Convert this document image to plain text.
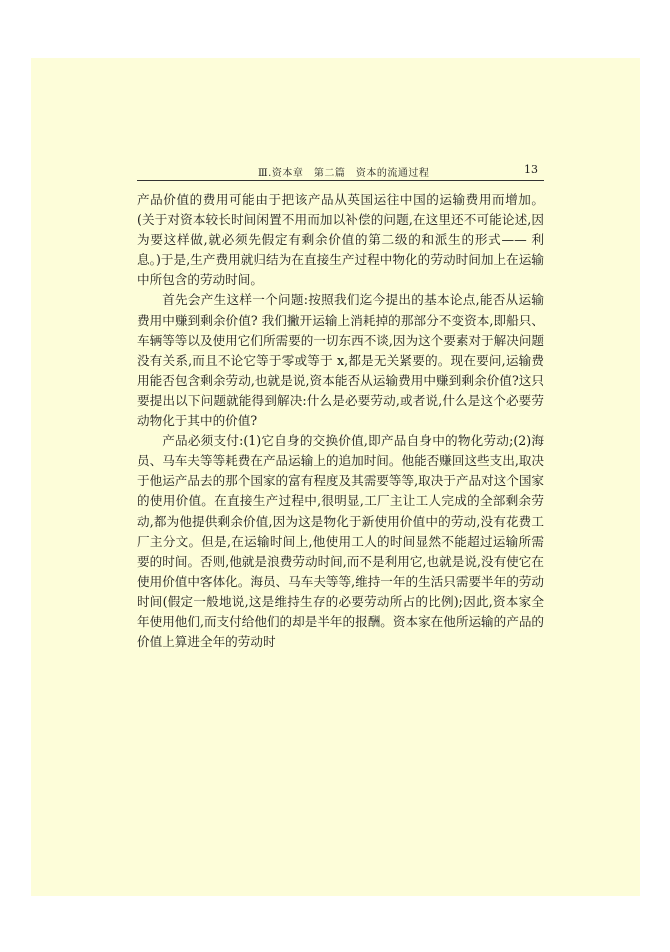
Ⅲ.资本章　第二篇　资本的流通过程	13

产品价值的费用可能由于把该产品从英国运往中国的运输费用而增加。(关于对资本较长时间闲置不用而加以补偿的问题,在这里还不可能论述,因为要这样做,就必须先假定有剩余价值的第二级的和派生的形式—— 利息。)于是,生产费用就归结为在直接生产过程中物化的劳动时间加上在运输中所包含的劳动时间。

首先会产生这样一个问题:按照我们迄今提出的基本论点,能否从运输费用中赚到剩余价值? 我们撇开运输上消耗掉的那部分不变资本,即船只、车辆等等以及使用它们所需要的一切东西不谈,因为这个要素对于解决问题没有关系,而且不论它等于零或等于 x,都是无关紧要的。现在要问,运输费用能否包含剩余劳动,也就是说,资本能否从运输费用中赚到剩余价值?这只要提出以下问题就能得到解决:什么是必要劳动,或者说,什么是这个必要劳动物化于其中的价值?

产品必须支付:(1)它自身的交换价值,即产品自身中的物化劳动;(2)海员、马车夫等等耗费在产品运输上的追加时间。他能否赚回这些支出,取决于他运产品去的那个国家的富有程度及其需要等等,取决于产品对这个国家的使用价值。在直接生产过程中,很明显,工厂主让工人完成的全部剩余劳动,都为他提供剩余价值,因为这是物化于新使用价值中的劳动,没有花费工厂主分文。但是,在运输时间上,他使用工人的时间显然不能超过运输所需要的时间。否则,他就是浪费劳动时间,而不是利用它,也就是说,没有使它在使用价值中客体化。海员、马车夫等等,维持一年的生活只需要半年的劳动时间(假定一般地说,这是维持生存的必要劳动所占的比例);因此,资本家全年使用他们,而支付给他们的却是半年的报酬。资本家在他所运输的产品的价值上算进全年的劳动时
